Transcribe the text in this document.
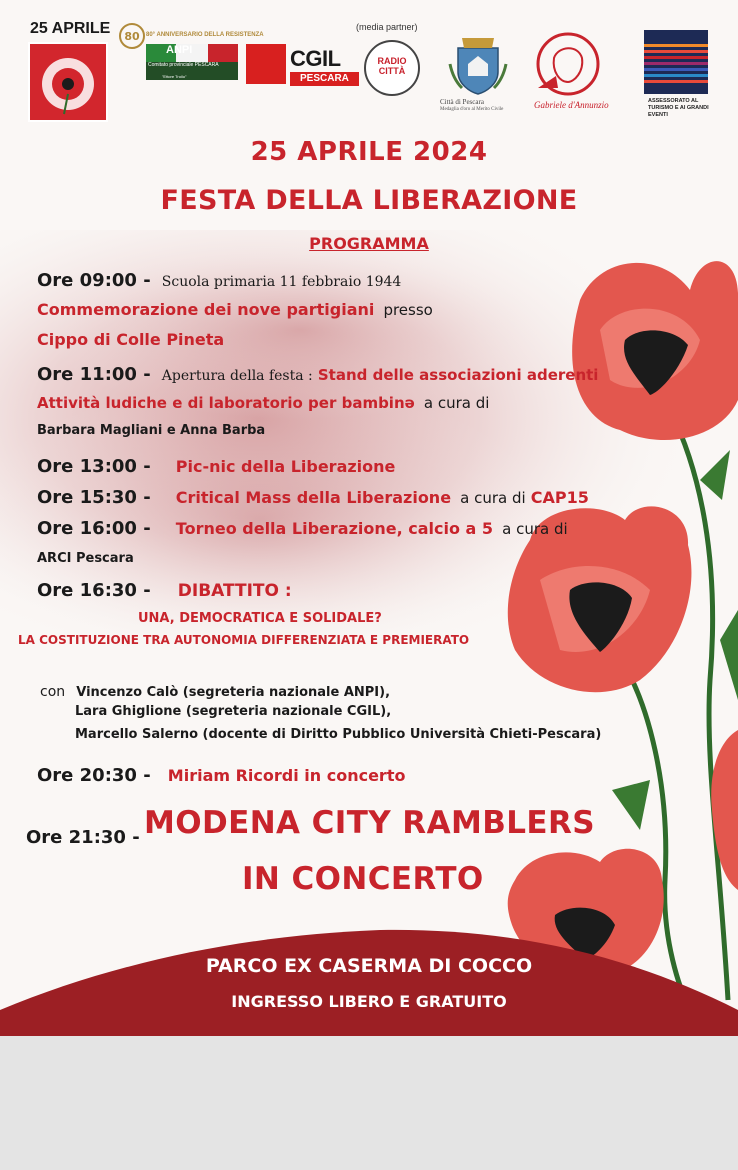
25 APRILE 80 80° ANNIVERSARIO DELLA RESISTENZA
ANPI
Comitato provinciale PESCARA
"Ettore Troilo"
CGIL
PESCARA
(media partner)
RADIO
CITTÀ
Città di Pescara
Medaglia d'oro al Merito Civile	Gabriele d'Annunzio	ASSESSORATO AL TURISMO E AI GRANDI EVENTI
25 APRILE 2024
FESTA DELLA LIBERAZIONE
PROGRAMMA
Ore 09:00 - Scuola primaria 11 febbraio 1944
Commemorazione dei nove partigiani presso
Cippo di Colle Pineta
Ore 11:00 - Apertura della festa : Stand delle associazioni aderenti
Attività ludiche e di laboratorio per bambinə a cura di
Barbara Magliani e Anna Barba
Ore 13:00 - Pic-nic della Liberazione
Ore 15:30 - Critical Mass della Liberazione a cura di CAP15
Ore 16:00 - Torneo della Liberazione, calcio a 5 a cura di
ARCI Pescara
Ore 16:30 - DIBATTITO :
UNA, DEMOCRATICA E SOLIDALE?
LA COSTITUZIONE TRA AUTONOMIA DIFFERENZIATA E PREMIERATO
con Vincenzo Calò (segreteria nazionale ANPI),
Lara Ghiglione (segreteria nazionale CGIL),
Marcello Salerno (docente di Diritto Pubblico Università Chieti-Pescara)
Ore 20:30 - Miriam Ricordi in concerto
Ore 21:30 - MODENA CITY RAMBLERS
IN CONCERTO
PARCO EX CASERMA DI COCCO
INGRESSO LIBERO E GRATUITO
